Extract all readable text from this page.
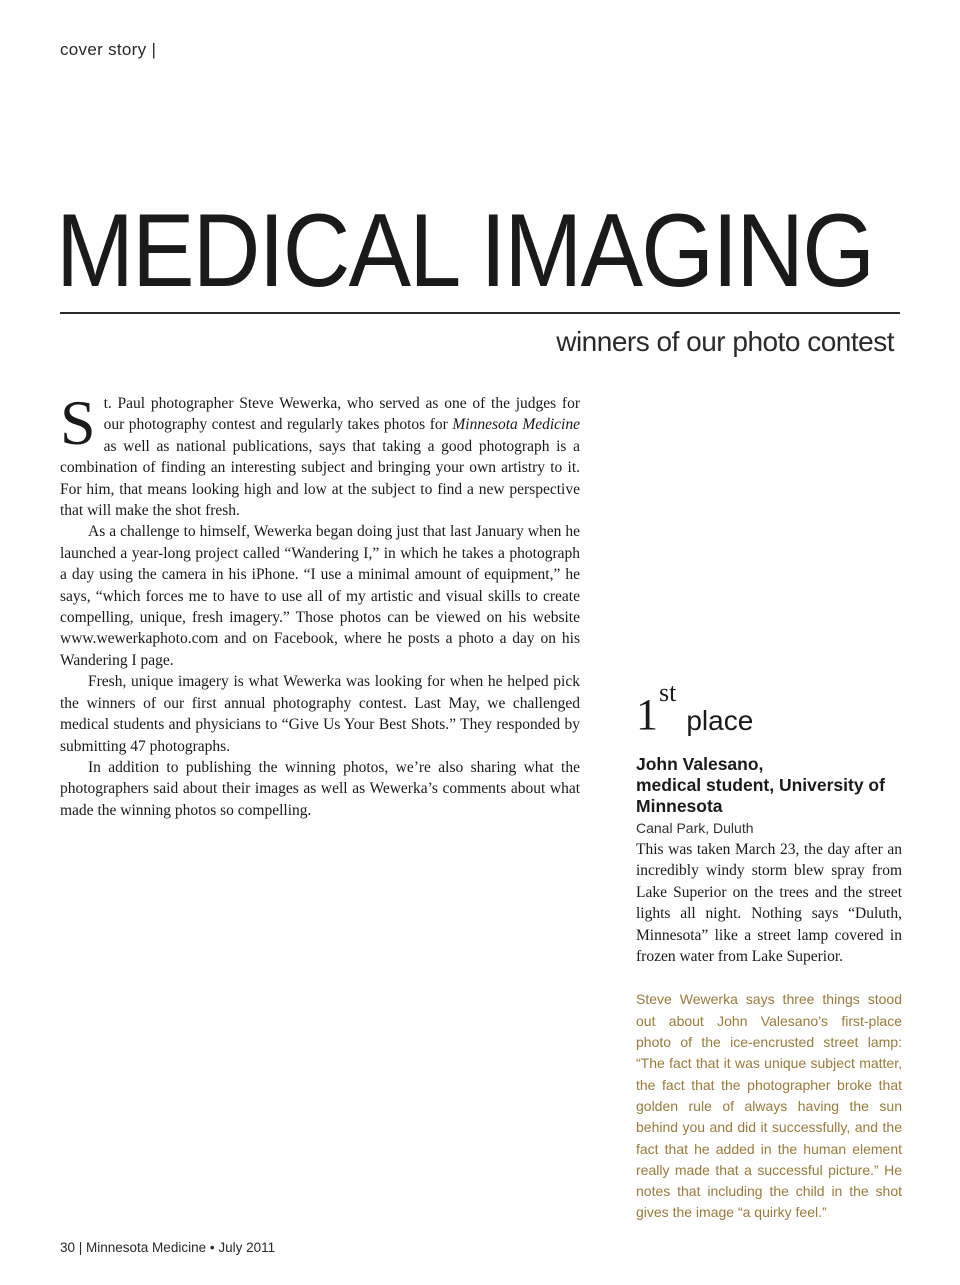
cover story |
MEDICAL IMAGING
winners of our photo contest

St. Paul photographer Steve Wewerka, who served as one of the judges for our photography contest and regularly takes photos for Minnesota Medicine as well as national publications, says that taking a good photograph is a combination of finding an interesting subject and bringing your own artistry to it. For him, that means looking high and low at the subject to find a new perspective that will make the shot fresh.

As a challenge to himself, Wewerka began doing just that last January when he launched a year-long project called “Wandering I,” in which he takes a photograph a day using the camera in his iPhone. “I use a minimal amount of equipment,” he says, “which forces me to have to use all of my artistic and visual skills to create compelling, unique, fresh imagery.” Those photos can be viewed on his website www.wewerkaphoto.com and on Facebook, where he posts a photo a day on his Wandering I page.

Fresh, unique imagery is what Wewerka was looking for when he helped pick the winners of our first annual photography contest. Last May, we challenged medical students and physicians to “Give Us Your Best Shots.” They responded by submitting 47 photographs.

In addition to publishing the winning photos, we’re also sharing what the photographers said about their images as well as Wewerka’s comments about what made the winning photos so compelling.

1 st
place
John Valesano,
medical student, University of Minnesota
Canal Park, Duluth
This was taken March 23, the day after an incredibly windy storm blew spray from Lake Superior on the trees and the street lights all night. Nothing says “Duluth, Minnesota” like a street lamp covered in frozen water from Lake Superior.
Steve Wewerka says three things stood out about John Valesano’s first-place photo of the ice-encrusted street lamp: “The fact that it was unique subject matter, the fact that the photographer broke that golden rule of always having the sun behind you and did it successfully, and the fact that he added in the human element really made that a successful picture.” He notes that including the child in the shot gives the image “a quirky feel.”
30 | Minnesota Medicine • July 2011
